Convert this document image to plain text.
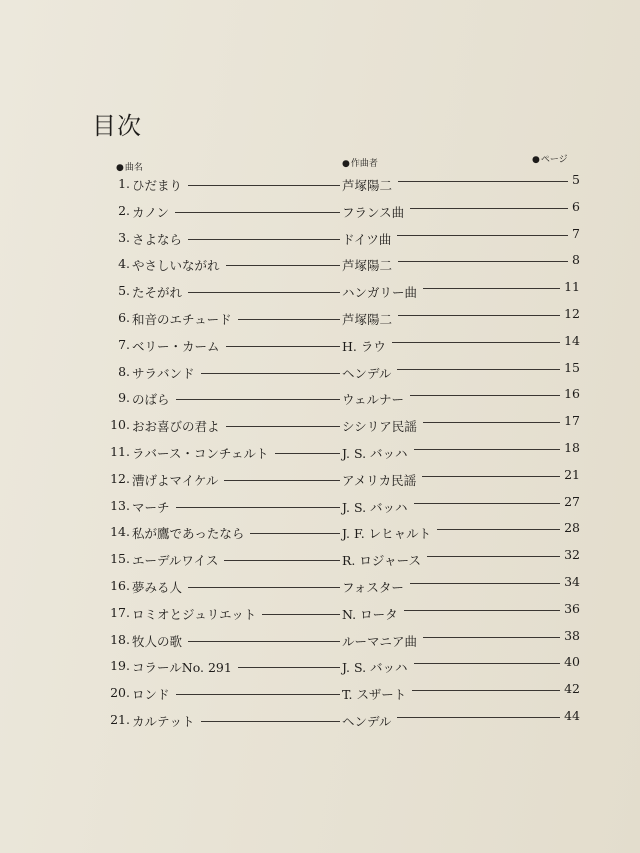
目次
●曲名	●作曲者	●ページ
1. ひだまり	芦塚陽二	5
2. カノン	フランス曲	6
3. さよなら	ドイツ曲	7
4. やさしいながれ	芦塚陽二	8
5. たそがれ	ハンガリー曲	11
6. 和音のエチュード	芦塚陽二	12
7. ベリー・カーム	H. ラウ	14
8. サラバンド	ヘンデル	15
9. のばら	ウェルナー	16
10. おお喜びの君よ	シシリア民謡	17
11. ラバース・コンチェルト	J. S. バッハ	18
12. 漕げよマイケル	アメリカ民謡	21
13. マーチ	J. S. バッハ	27
14. 私が鷹であったなら	J. F. レヒャルト	28
15. エーデルワイス	R. ロジャース	32
16. 夢みる人	フォスター	34
17. ロミオとジュリエット	N. ロータ	36
18. 牧人の歌	ルーマニア曲	38
19. コラールNo. 291	J. S. バッハ	40
20. ロンド	T. スザート	42
21. カルテット	ヘンデル	44
